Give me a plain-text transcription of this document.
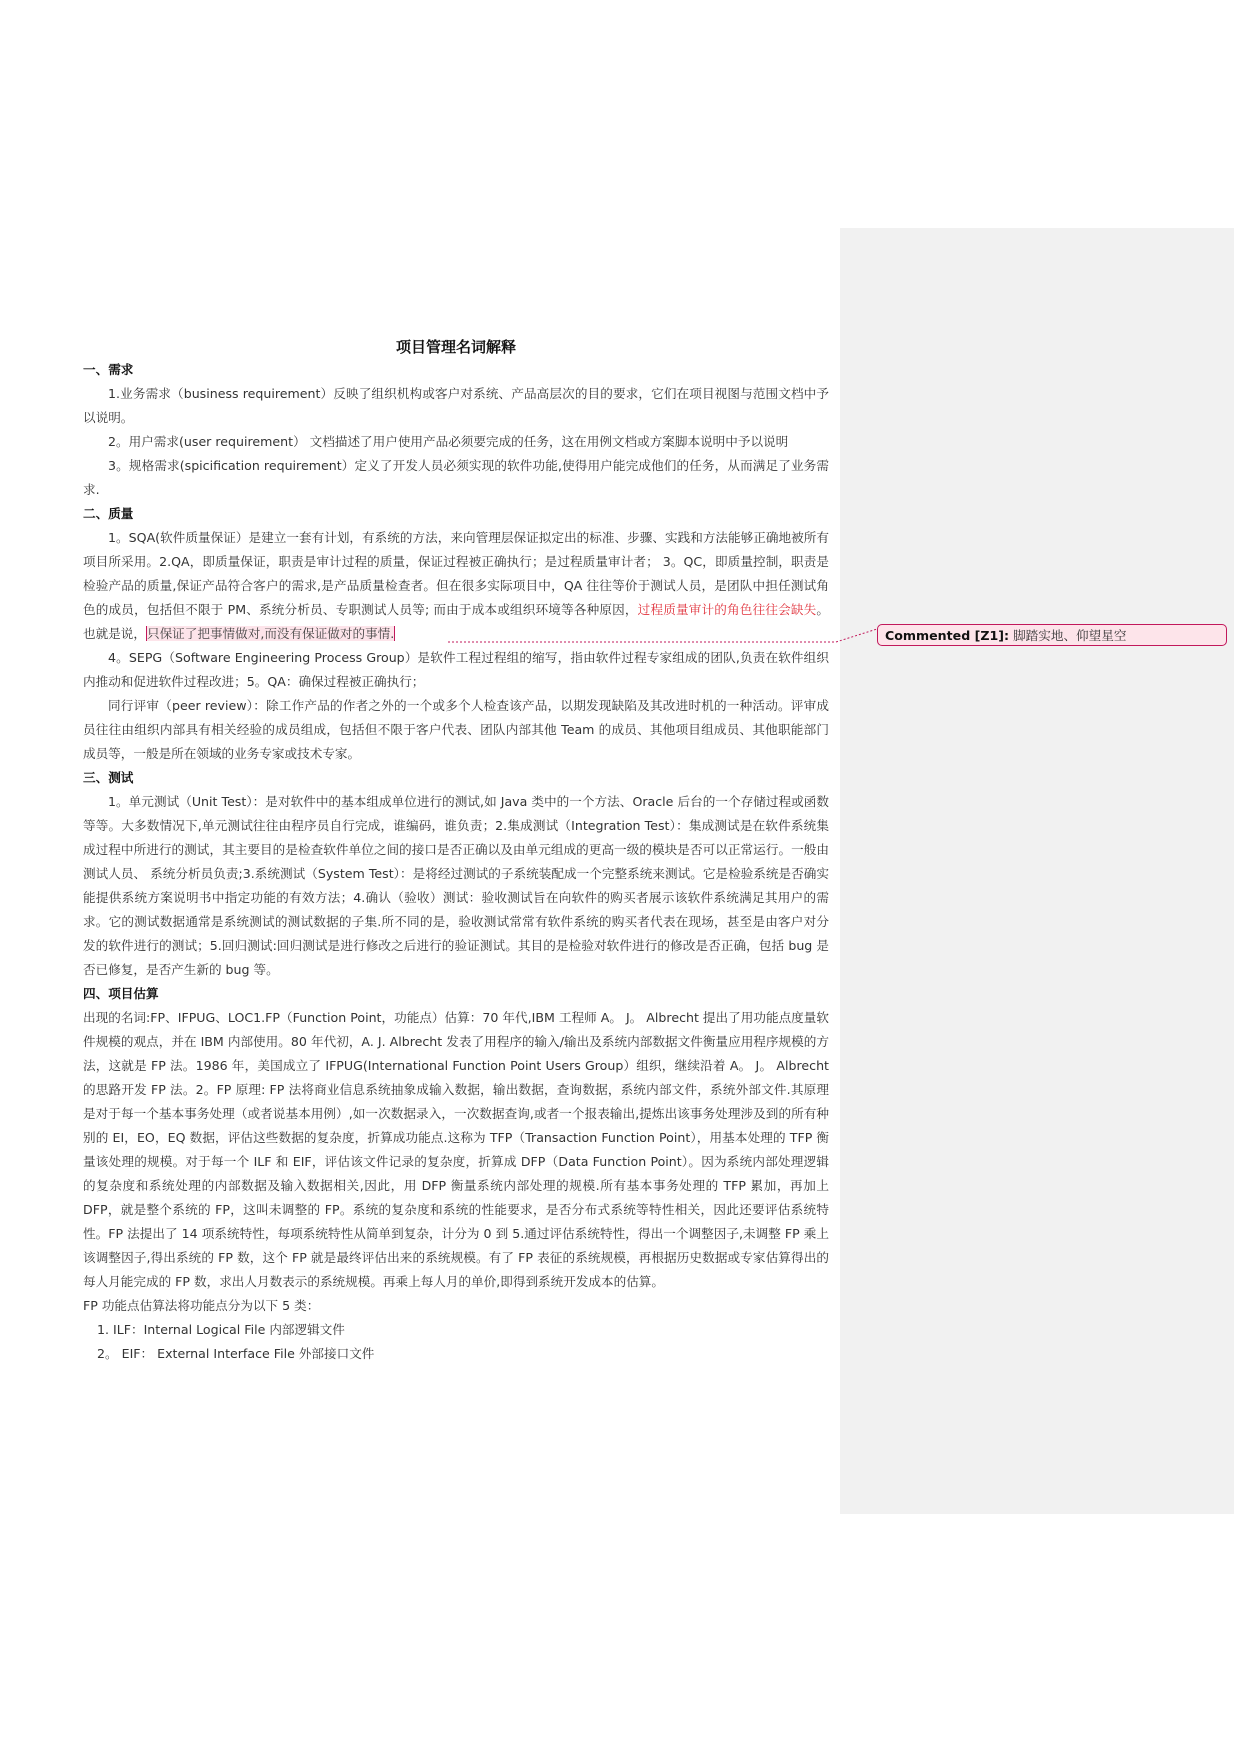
项目管理名词解释

一、需求

1.业务需求（business requirement）反映了组织机构或客户对系统、产品高层次的目的要求，它们在项目视图与范围文档中予以说明。

2。用户需求(user requirement） 文档描述了用户使用产品必须要完成的任务，这在用例文档或方案脚本说明中予以说明

3。规格需求(spicification requirement）定义了开发人员必须实现的软件功能,使得用户能完成他们的任务，从而满足了业务需求.

二、质量

1。SQA(软件质量保证）是建立一套有计划，有系统的方法，来向管理层保证拟定出的标准、步骤、实践和方法能够正确地被所有项目所采用。2.QA，即质量保证，职责是审计过程的质量，保证过程被正确执行；是过程质量审计者； 3。QC，即质量控制，职责是检验产品的质量,保证产品符合客户的需求,是产品质量检查者。但在很多实际项目中，QA 往往等价于测试人员，是团队中担任测试角色的成员，包括但不限于 PM、系统分析员、专职测试人员等; 而由于成本或组织环境等各种原因，过程质量审计的角色往往会缺失。也就是说，只保证了把事情做对,而没有保证做对的事情.

4。SEPG（Software Engineering Process Group）是软件工程过程组的缩写，指由软件过程专家组成的团队,负责在软件组织内推动和促进软件过程改进；5。QA：确保过程被正确执行；

同行评审（peer review）：除工作产品的作者之外的一个或多个人检查该产品，以期发现缺陷及其改进时机的一种活动。评审成员往往由组织内部具有相关经验的成员组成，包括但不限于客户代表、团队内部其他 Team 的成员、其他项目组成员、其他职能部门成员等，一般是所在领域的业务专家或技术专家。

三、测试

1。单元测试（Unit Test）：是对软件中的基本组成单位进行的测试,如 Java 类中的一个方法、Oracle 后台的一个存储过程或函数等等。大多数情况下,单元测试往往由程序员自行完成，谁编码，谁负责；2.集成测试（Integration Test）：集成测试是在软件系统集成过程中所进行的测试，其主要目的是检查软件单位之间的接口是否正确以及由单元组成的更高一级的模块是否可以正常运行。一般由测试人员、 系统分析员负责;3.系统测试（System Test）：是将经过测试的子系统装配成一个完整系统来测试。它是检验系统是否确实能提供系统方案说明书中指定功能的有效方法；4.确认（验收）测试：验收测试旨在向软件的购买者展示该软件系统满足其用户的需求。它的测试数据通常是系统测试的测试数据的子集.所不同的是，验收测试常常有软件系统的购买者代表在现场，甚至是由客户对分发的软件进行的测试；5.回归测试:回归测试是进行修改之后进行的验证测试。其目的是检验对软件进行的修改是否正确，包括 bug 是否已修复，是否产生新的 bug 等。

四、项目估算

出现的名词:FP、IFPUG、LOC1.FP（Function Point，功能点）估算：70 年代,IBM 工程师 A。 J。 Albrecht 提出了用功能点度量软件规模的观点，并在 IBM 内部使用。80 年代初，A. J. Albrecht 发表了用程序的输入/输出及系统内部数据文件衡量应用程序规模的方法，这就是 FP 法。1986 年，美国成立了 IFPUG(International Function Point Users Group）组织，继续沿着 A。 J。 Albrecht 的思路开发 FP 法。2。FP 原理: FP 法将商业信息系统抽象成输入数据，输出数据，查询数据，系统内部文件，系统外部文件.其原理是对于每一个基本事务处理（或者说基本用例）,如一次数据录入，一次数据查询,或者一个报表输出,提炼出该事务处理涉及到的所有种别的 EI，EO，EQ 数据，评估这些数据的复杂度，折算成功能点.这称为 TFP（Transaction Function Point），用基本处理的 TFP 衡量该处理的规模。对于每一个 ILF 和 EIF，评估该文件记录的复杂度，折算成 DFP（Data Function Point）。因为系统内部处理逻辑的复杂度和系统处理的内部数据及输入数据相关,因此，用 DFP 衡量系统内部处理的规模.所有基本事务处理的 TFP 累加，再加上 DFP，就是整个系统的 FP，这叫未调整的 FP。系统的复杂度和系统的性能要求，是否分布式系统等特性相关，因此还要评估系统特性。FP 法提出了 14 项系统特性，每项系统特性从简单到复杂，计分为 0 到 5.通过评估系统特性，得出一个调整因子,未调整 FP 乘上该调整因子,得出系统的 FP 数，这个 FP 就是最终评估出来的系统规模。有了 FP 表征的系统规模，再根据历史数据或专家估算得出的每人月能完成的 FP 数，求出人月数表示的系统规模。再乘上每人月的单价,即得到系统开发成本的估算。

FP 功能点估算法将功能点分为以下 5 类：

1. ILF：Internal Logical File 内部逻辑文件

2。 EIF： External Interface File 外部接口文件

Commented [Z1]: 脚踏实地、仰望星空
